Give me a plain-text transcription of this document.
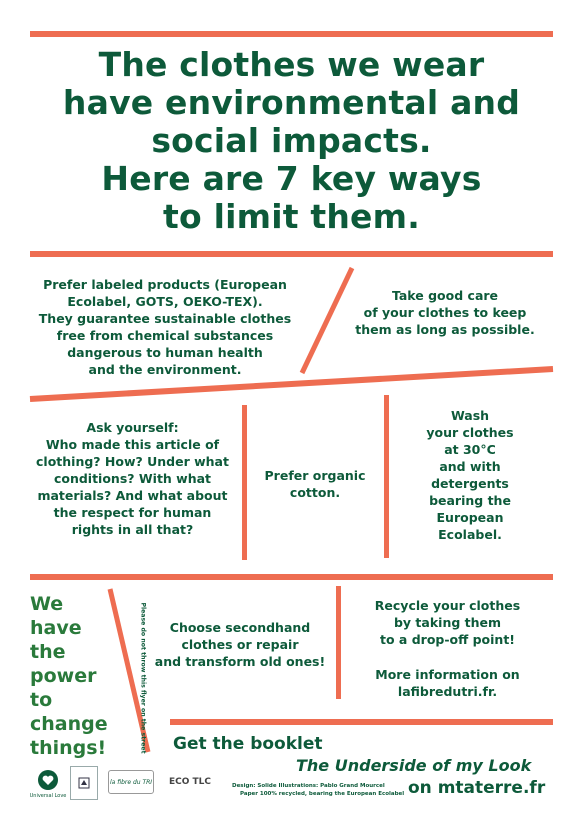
The clothes we wear
have environmental and
social impacts.
Here are 7 key ways
to limit them.
Prefer labeled products (European
Ecolabel, GOTS, OEKO-TEX).
They guarantee sustainable clothes
free from chemical substances
dangerous to human health
and the environment.
Take good care
of your clothes to keep
them as long as possible.
Ask yourself:
Who made this article of
clothing? How? Under what
conditions? With what
materials? And what about
the respect for human
rights in all that?
Prefer organic
cotton.
Wash
your clothes
at 30°C
and with
detergents
bearing the
European
Ecolabel.
We
have
the
power
to
change
things!	Please do not throw this flyer on the street	Choose secondhand
clothes or repair
and transform old ones!
Recycle your clothes
by taking them
to a drop-off point!
More information on
lafibredutri.fr.
Get the booklet
The Underside of my Look
on mtaterre.fr
Design: Solide Illustrations: Pablo Grand Mourcel
Paper 100% recycled, bearing the European Ecolabel
Universal Love
la fibre du TRI ECO TLC
